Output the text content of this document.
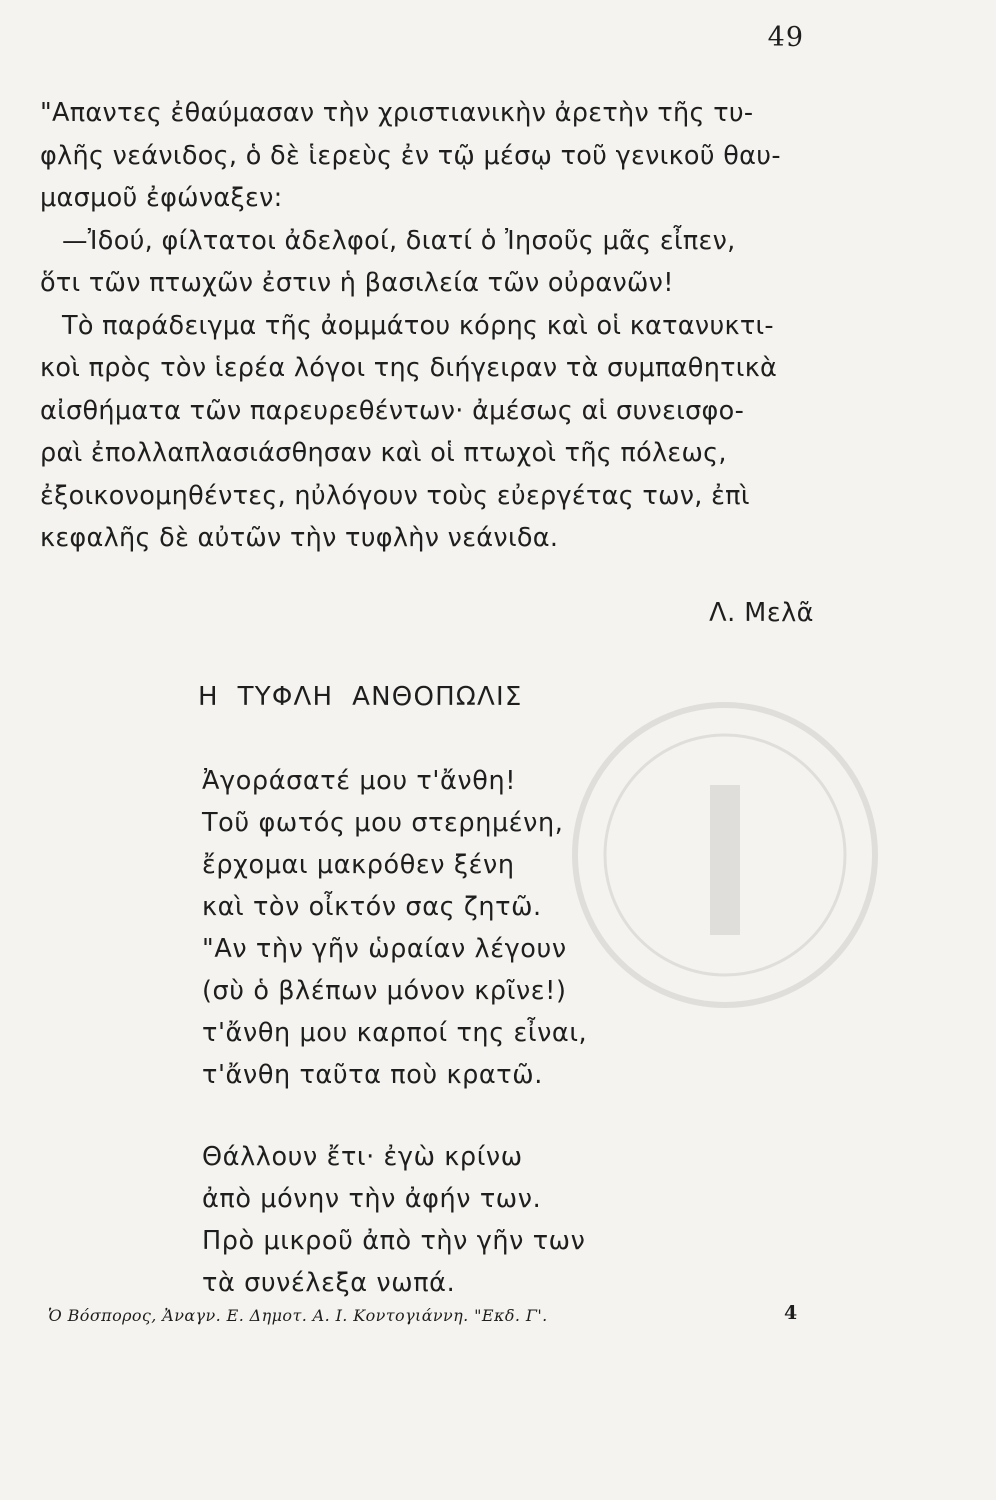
49
"Απαντες ἐθαύμασαν τὴν χριστιανικὴν ἀρετὴν τῆς τυ-
φλῆς νεάνιδος, ὁ δὲ ἱερεὺς ἐν τῷ μέσῳ τοῦ γενικοῦ θαυ-
μασμοῦ ἐφώναξεν:
—Ἰδού, φίλτατοι ἀδελφοί, διατί ὁ Ἰησοῦς μᾶς εἶπεν,
ὅτι τῶν πτωχῶν ἐστιν ἡ βασιλεία τῶν οὐρανῶν!
Τὸ παράδειγμα τῆς ἀομμάτου κόρης καὶ οἱ κατανυκτι-
κοὶ πρὸς τὸν ἱερέα λόγοι της διήγειραν τὰ συμπαθητικὰ
αἰσθήματα τῶν παρευρεθέντων· ἀμέσως αἱ συνεισφο-
ραὶ ἐπολλαπλασιάσθησαν καὶ οἱ πτωχοὶ τῆς πόλεως,
ἐξοικονομηθέντες, ηὐλόγουν τοὺς εὐεργέτας των, ἐπὶ
κεφαλῆς δὲ αὐτῶν τὴν τυφλὴν νεάνιδα.
Λ. Μελᾶ
Η  ΤΥΦΛΗ  ΑΝΘΟΠΩΛΙΣ
Ἀγοράσατέ μου τ'ἄνθη!
Τοῦ φωτός μου στερημένη,
ἔρχομαι μακρόθεν ξένη
καὶ τὸν οἶκτόν σας ζητῶ.
"Αν τὴν γῆν ὡραίαν λέγουν
(σὺ ὁ βλέπων μόνον κρῖνε!)
τ'ἄνθη μου καρποί της εἶναι,
τ'ἄνθη ταῦτα ποὺ κρατῶ.
Θάλλουν ἔτι· ἐγὼ κρίνω
ἀπὸ μόνην τὴν ἀφήν των.
Πρὸ μικροῦ ἀπὸ τὴν γῆν των
τὰ συνέλεξα νωπά.
Ὁ Βόσπορος, Ἀναγν. Ε. Δημοτ. Α. Ι. Κοντογιάννη. "Εκδ. Γ'.	4
